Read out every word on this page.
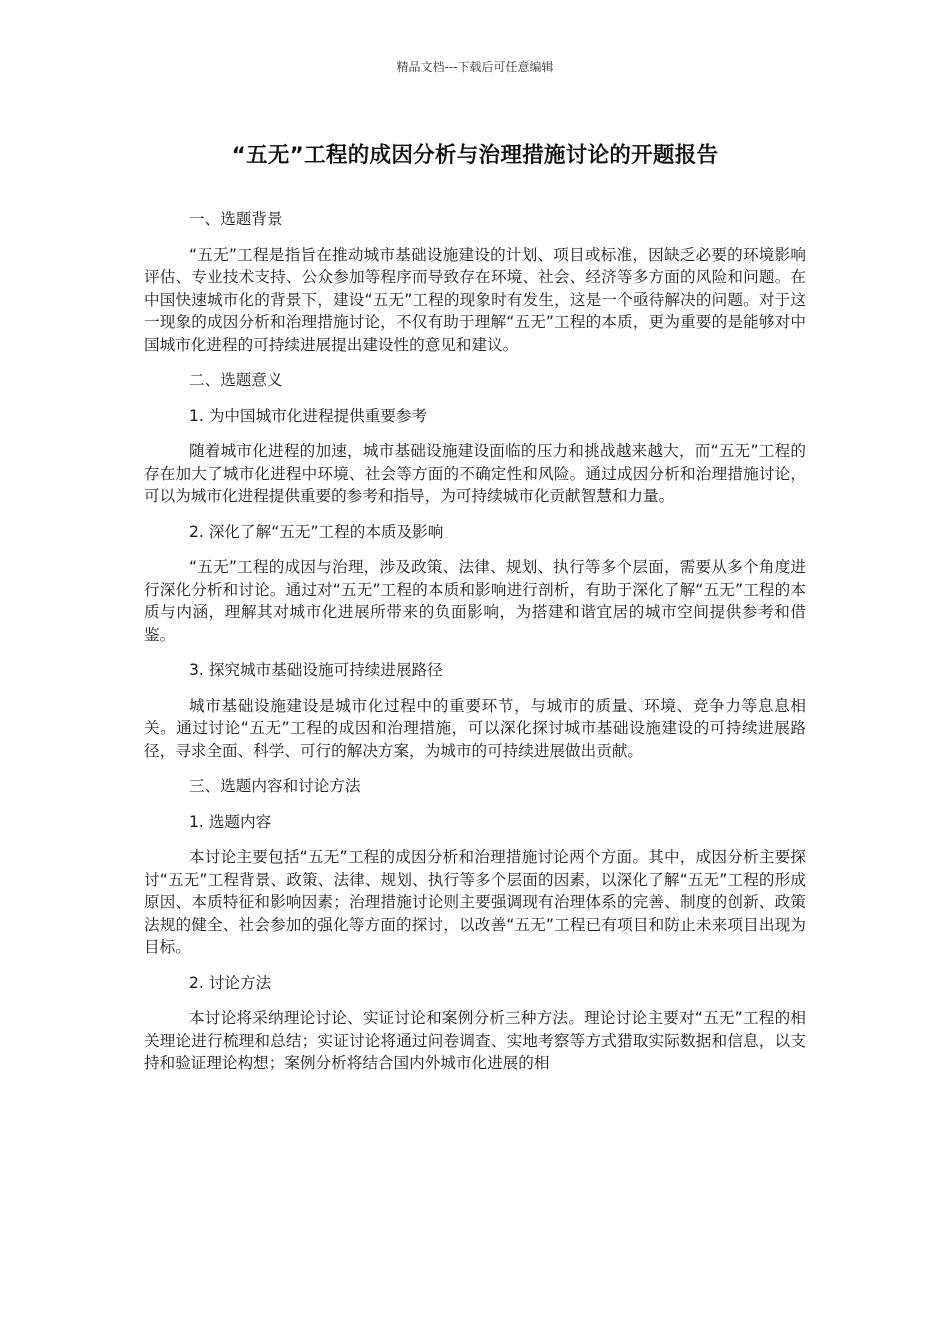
精品文档---下载后可任意编辑
“五无”工程的成因分析与治理措施讨论的开题报告

一、选题背景

“五无”工程是指旨在推动城市基础设施建设的计划、项目或标准，因缺乏必要的环境影响评估、专业技术支持、公众参加等程序而导致存在环境、社会、经济等多方面的风险和问题。在中国快速城市化的背景下，建设“五无”工程的现象时有发生，这是一个亟待解决的问题。对于这一现象的成因分析和治理措施讨论，不仅有助于理解“五无”工程的本质，更为重要的是能够对中国城市化进程的可持续进展提出建设性的意见和建议。

二、选题意义

1. 为中国城市化进程提供重要参考

随着城市化进程的加速，城市基础设施建设面临的压力和挑战越来越大，而“五无”工程的存在加大了城市化进程中环境、社会等方面的不确定性和风险。通过成因分析和治理措施讨论，可以为城市化进程提供重要的参考和指导，为可持续城市化贡献智慧和力量。

2. 深化了解“五无”工程的本质及影响

“五无”工程的成因与治理，涉及政策、法律、规划、执行等多个层面，需要从多个角度进行深化分析和讨论。通过对“五无”工程的本质和影响进行剖析，有助于深化了解“五无”工程的本质与内涵，理解其对城市化进展所带来的负面影响，为搭建和谐宜居的城市空间提供参考和借鉴。

3. 探究城市基础设施可持续进展路径

城市基础设施建设是城市化过程中的重要环节，与城市的质量、环境、竞争力等息息相关。通过讨论“五无”工程的成因和治理措施，可以深化探讨城市基础设施建设的可持续进展路径，寻求全面、科学、可行的解决方案，为城市的可持续进展做出贡献。

三、选题内容和讨论方法

1. 选题内容

本讨论主要包括“五无”工程的成因分析和治理措施讨论两个方面。其中，成因分析主要探讨“五无”工程背景、政策、法律、规划、执行等多个层面的因素，以深化了解“五无”工程的形成原因、本质特征和影响因素；治理措施讨论则主要强调现有治理体系的完善、制度的创新、政策法规的健全、社会参加的强化等方面的探讨，以改善“五无”工程已有项目和防止未来项目出现为目标。

2. 讨论方法

本讨论将采纳理论讨论、实证讨论和案例分析三种方法。理论讨论主要对“五无”工程的相关理论进行梳理和总结；实证讨论将通过问卷调查、实地考察等方式猎取实际数据和信息，以支持和验证理论构想；案例分析将结合国内外城市化进展的相
